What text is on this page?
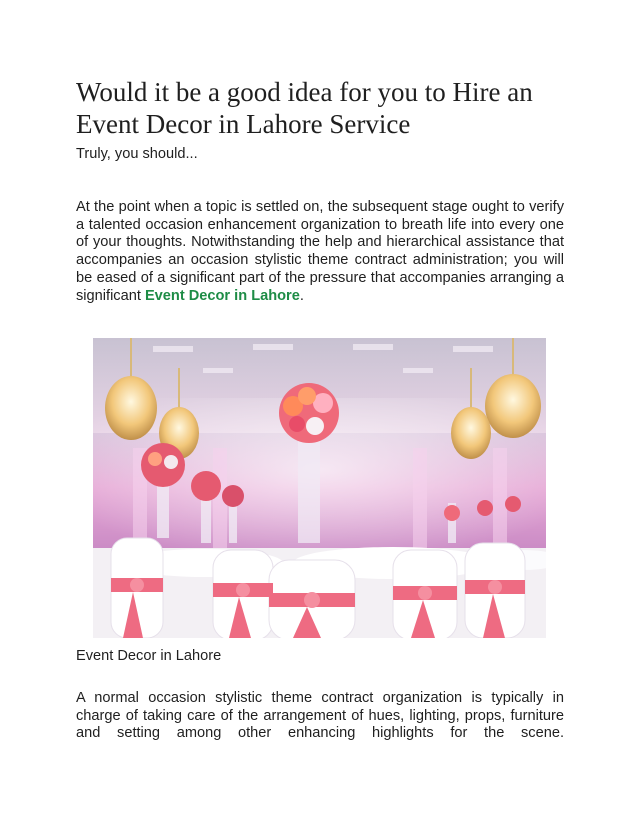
Would it be a good idea for you to Hire an Event Decor in Lahore Service

Truly, you should...

At the point when a topic is settled on, the subsequent stage ought to verify a talented occasion enhancement organization to breath life into every one of your thoughts. Notwithstanding the help and hierarchical assistance that accompanies an occasion stylistic theme contract administration; you will be eased of a significant part of the pressure that accompanies arranging a significant Event Decor in Lahore.

Event Decor in Lahore

A normal occasion stylistic theme contract organization is typically in charge of taking care of the arrangement of hues, lighting, props, furniture and setting among other enhancing highlights for the scene.
